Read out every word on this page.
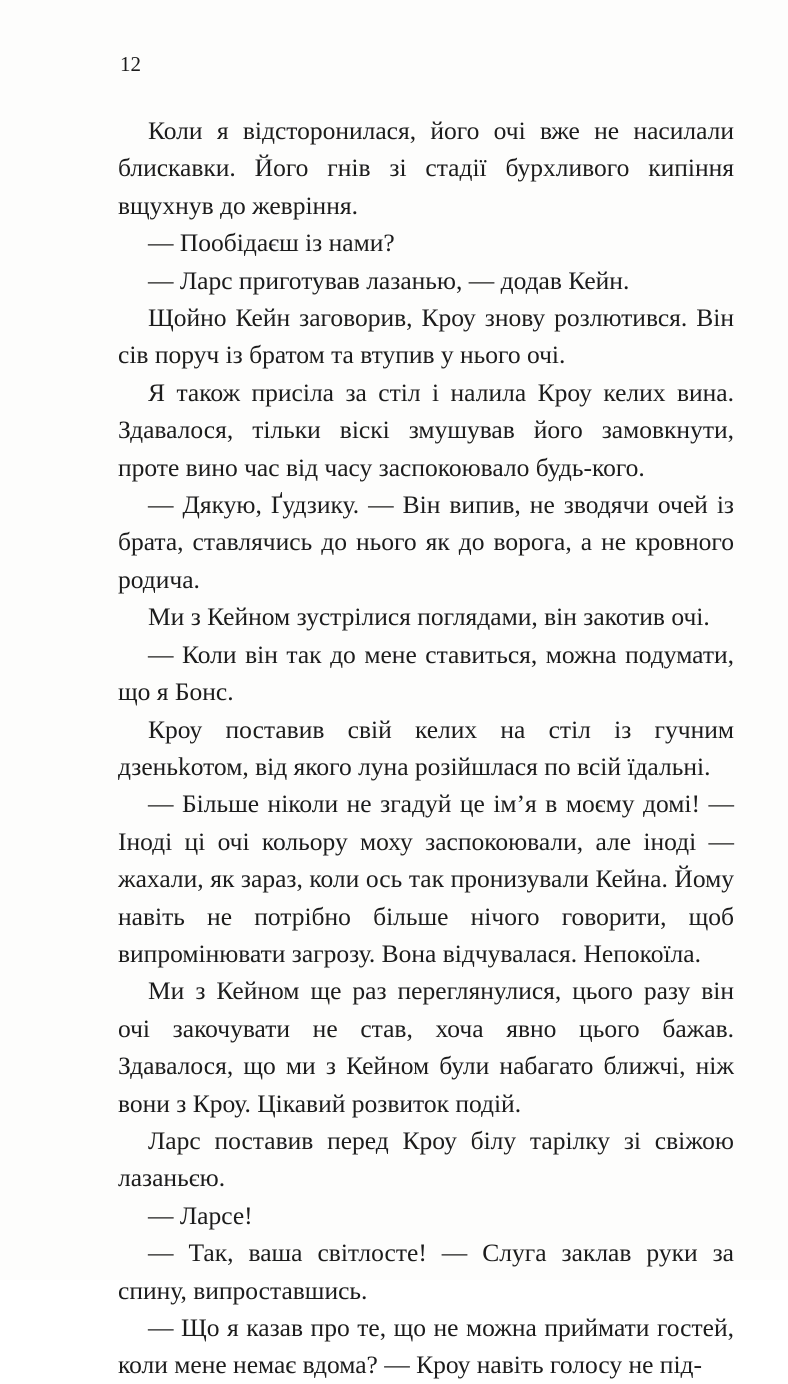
12

Коли я відсторонилася, його очі вже не насилали блискавки. Його гнів зі стадії бурхливого кипіння вщухнув до жевріння.

— Пообідаєш із нами?

— Ларс приготував лазанью, — додав Кейн.

Щойно Кейн заговорив, Кроу знову розлютився. Він сів поруч із братом та втупив у нього очі.

Я також присіла за стіл і налила Кроу келих вина. Здавалося, тільки віскі змушував його замовкнути, проте вино час від часу заспокоювало будь-кого.

— Дякую, Ґудзику. — Він випив, не зводячи очей із брата, ставлячись до нього як до ворога, а не кровного родича.

Ми з Кейном зустрілися поглядами, він закотив очі.

— Коли він так до мене ставиться, можна подумати, що я Бонс.

Кроу поставив свій келих на стіл із гучним дзеньkотом, від якого луна розійшлася по всій їдальні.

— Більше ніколи не згадуй це ім’я в моєму домі! — Іноді ці очі кольору моху заспокоювали, але іноді — жахали, як зараз, коли ось так пронизували Кейна. Йому навіть не потрібно більше нічого говорити, щоб випромінювати загрозу. Вона відчувалася. Непокоїла.

Ми з Кейном ще раз переглянулися, цього разу він очі закочувати не став, хоча явно цього бажав. Здавалося, що ми з Кейном були набагато ближчі, ніж вони з Кроу. Цікавий розвиток подій.

Ларс поставив перед Кроу білу тарілку зі свіжою лазаньєю.

— Ларсе!

— Так, ваша світлосте! — Слуга заклав руки за спину, випроставшись.

— Що я казав про те, що не можна приймати гостей, коли мене немає вдома? — Кроу навіть голосу не під-
